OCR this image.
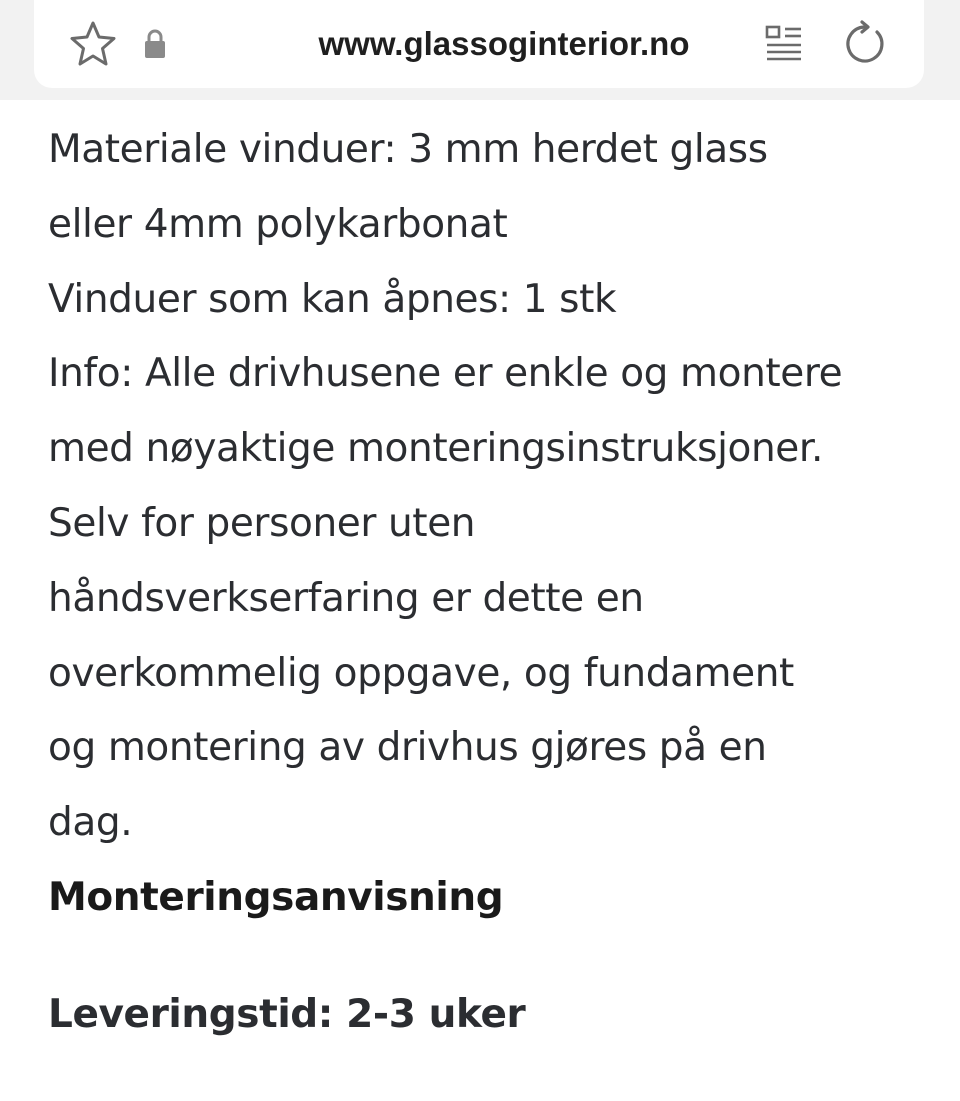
www.glassoginterior.no
Materiale vinduer: 3 mm herdet glass
eller 4mm polykarbonat
Vinduer som kan åpnes: 1 stk
Info: Alle drivhusene er enkle og montere
med nøyaktige monteringsinstruksjoner.
Selv for personer uten
håndsverkserfaring er dette en
overkommelig oppgave, og fundament
og montering av drivhus gjøres på en
dag.
Monteringsanvisning
Leveringstid: 2-3 uker
